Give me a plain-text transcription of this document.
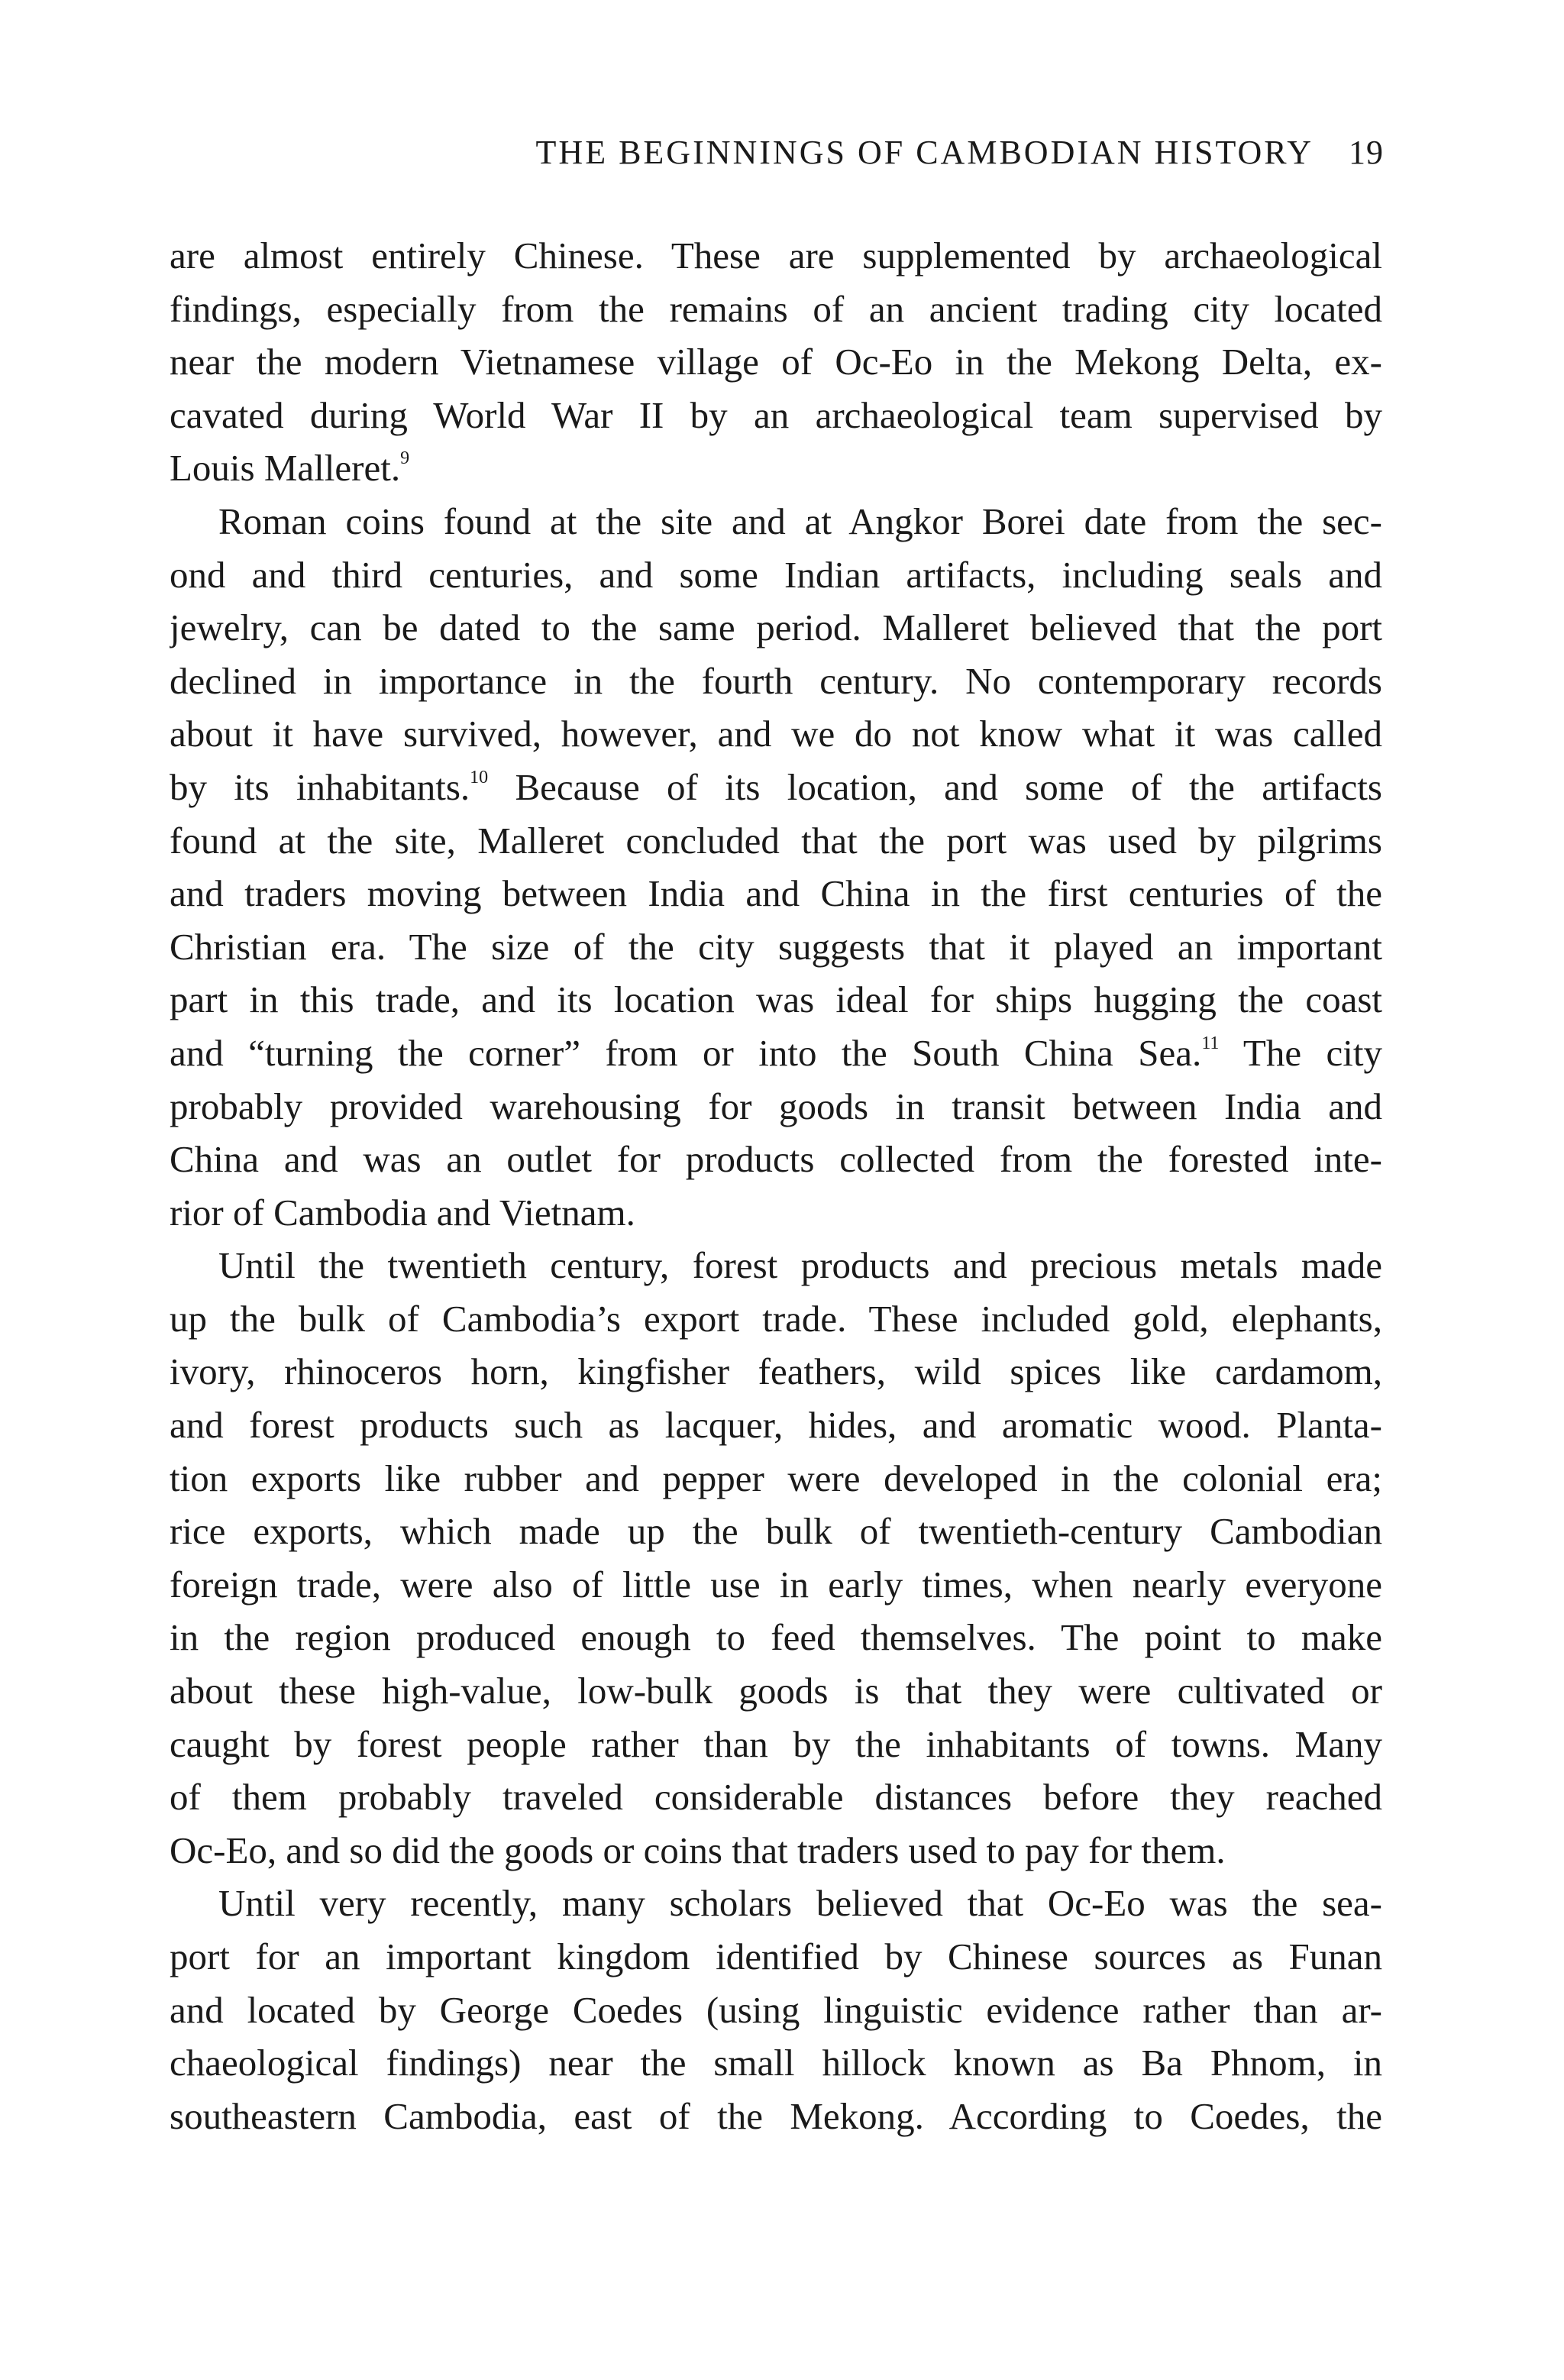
THE BEGINNINGS OF CAMBODIAN HISTORY 19
are almost entirely Chinese. These are supplemented by archaeological
findings, especially from the remains of an ancient trading city located
near the modern Vietnamese village of Oc-Eo in the Mekong Delta, ex-
cavated during World War II by an archaeological team supervised by
Louis Malleret.$^9$
Roman coins found at the site and at Angkor Borei date from the sec-
ond and third centuries, and some Indian artifacts, including seals and
jewelry, can be dated to the same period. Malleret believed that the port
declined in importance in the fourth century. No contemporary records
about it have survived, however, and we do not know what it was called
by its inhabitants.$^{10}$ Because of its location, and some of the artifacts
found at the site, Malleret concluded that the port was used by pilgrims
and traders moving between India and China in the first centuries of the
Christian era. The size of the city suggests that it played an important
part in this trade, and its location was ideal for ships hugging the coast
and “turning the corner” from or into the South China Sea.$^{11}$ The city
probably provided warehousing for goods in transit between India and
China and was an outlet for products collected from the forested inte-
rior of Cambodia and Vietnam.
Until the twentieth century, forest products and precious metals made
up the bulk of Cambodia’s export trade. These included gold, elephants,
ivory, rhinoceros horn, kingfisher feathers, wild spices like cardamom,
and forest products such as lacquer, hides, and aromatic wood. Planta-
tion exports like rubber and pepper were developed in the colonial era;
rice exports, which made up the bulk of twentieth-century Cambodian
foreign trade, were also of little use in early times, when nearly everyone
in the region produced enough to feed themselves. The point to make
about these high-value, low-bulk goods is that they were cultivated or
caught by forest people rather than by the inhabitants of towns. Many
of them probably traveled considerable distances before they reached
Oc-Eo, and so did the goods or coins that traders used to pay for them.
Until very recently, many scholars believed that Oc-Eo was the sea-
port for an important kingdom identified by Chinese sources as Funan
and located by George Coedes (using linguistic evidence rather than ar-
chaeological findings) near the small hillock known as Ba Phnom, in
southeastern Cambodia, east of the Mekong. According to Coedes, the
